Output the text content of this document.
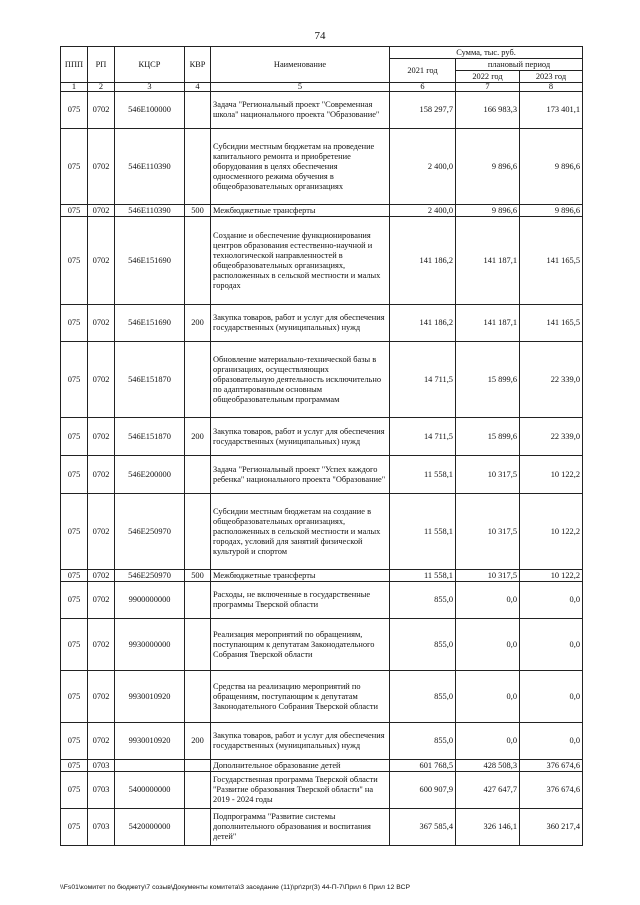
74
ППП	РП	КЦСР	КВР	Наименование	Сумма, тыс. руб.		
					2021 год	плановый период	
						2022 год	2023 год
1	2	3	4	5	6	7	8
075	0702	546E100000		Задача "Региональный проект "Современная школа" национального проекта "Образование"	158 297,7	166 983,3	173 401,1
075	0702	546E110390		Субсидии местным бюджетам на проведение капитального ремонта и приобретение оборудования в целях обеспечения односменного режима обучения в общеобразовательных организациях	2 400,0	9 896,6	9 896,6
075	0702	546E110390	500	Межбюджетные трансферты	2 400,0	9 896,6	9 896,6
075	0702	546E151690		Создание и обеспечение функционирования центров образования естественно-научной и технологической направленностей в общеобразовательных организациях, расположенных в сельской местности и малых городах	141 186,2	141 187,1	141 165,5
075	0702	546E151690	200	Закупка товаров, работ и услуг для обеспечения государственных (муниципальных) нужд	141 186,2	141 187,1	141 165,5
075	0702	546E151870		Обновление материально-технической базы в организациях, осуществляющих образовательную деятельность исключительно по адаптированным основным общеобразовательным программам	14 711,5	15 899,6	22 339,0
075	0702	546E151870	200	Закупка товаров, работ и услуг для обеспечения государственных (муниципальных) нужд	14 711,5	15 899,6	22 339,0
075	0702	546E200000		Задача "Региональный проект "Успех каждого ребенка" национального проекта "Образование"	11 558,1	10 317,5	10 122,2
075	0702	546E250970		Субсидии местным бюджетам на создание в общеобразовательных организациях, расположенных в сельской местности и малых городах, условий для занятий физической культурой и спортом	11 558,1	10 317,5	10 122,2
075	0702	546E250970	500	Межбюджетные трансферты	11 558,1	10 317,5	10 122,2
075	0702	9900000000		Расходы, не включенные в государственные программы Тверской области	855,0	0,0	0,0
075	0702	9930000000		Реализация мероприятий по обращениям, поступающим к депутатам Законодательного Собрания Тверской области	855,0	0,0	0,0
075	0702	9930010920		Средства на реализацию мероприятий по обращениям, поступающим к депутатам Законодательного Собрания Тверской области	855,0	0,0	0,0
075	0702	9930010920	200	Закупка товаров, работ и услуг для обеспечения государственных (муниципальных) нужд	855,0	0,0	0,0
075	0703			Дополнительное образование детей	601 768,5	428 508,3	376 674,6
075	0703	5400000000		Государственная программа Тверской области "Развитие образования Тверской области" на 2019 - 2024 годы	600 907,9	427 647,7	376 674,6
075	0703	5420000000		Подпрограмма "Развитие системы дополнительного образования и воспитания детей"	367 585,4	326 146,1	360 217,4
\\Fs01\комитет по бюджету\7 созыв\Документы комитета\3 заседание (11)\pr\zpr(3) 44-П-7\Прил 6 Прил 12 ВСР
